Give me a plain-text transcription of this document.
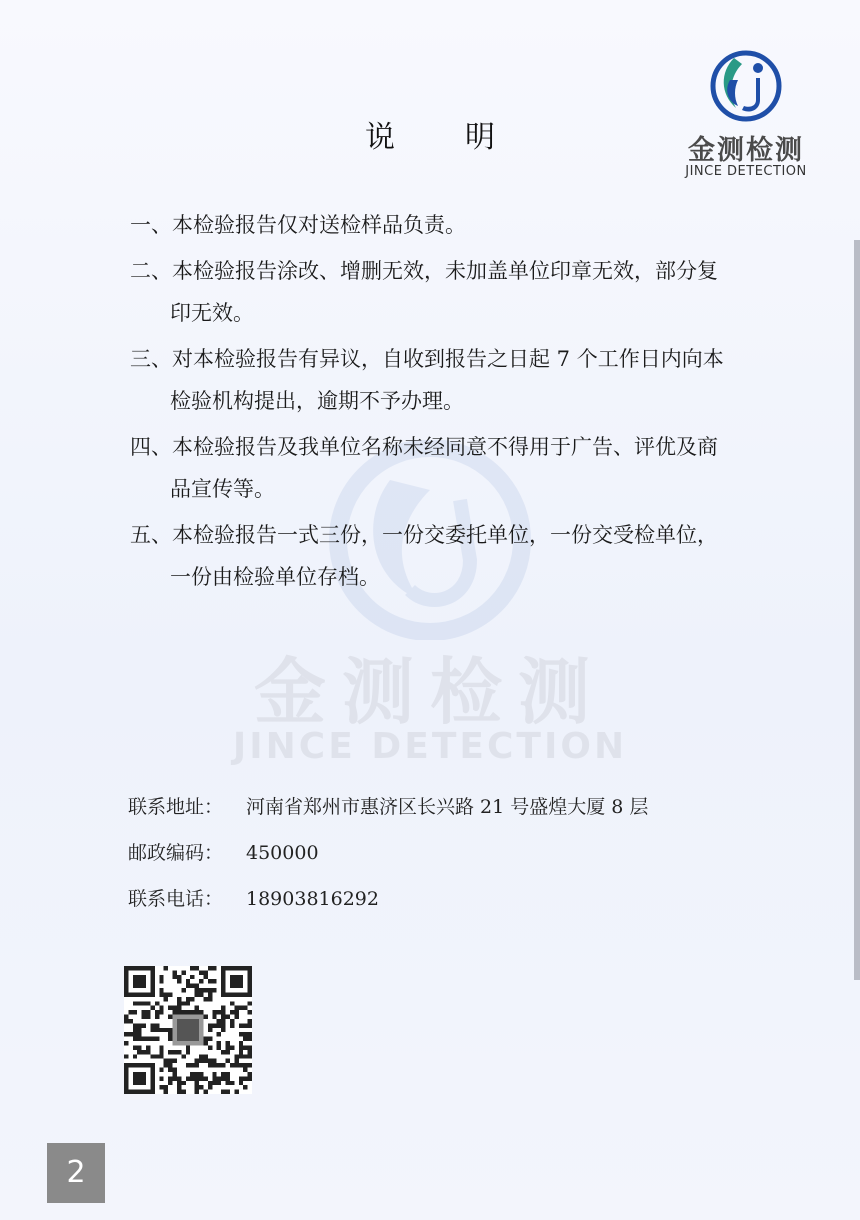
金测检测
JINCE DETECTION
金测检测
JINCE DETECTION
说明
一、本检验报告仅对送检样品负责。
二、本检验报告涂改、增删无效，未加盖单位印章无效，部分复印无效。
三、对本检验报告有异议，自收到报告之日起 7 个工作日内向本检验机构提出，逾期不予办理。
四、本检验报告及我单位名称未经同意不得用于广告、评优及商品宣传等。
五、本检验报告一式三份，一份交委托单位，一份交受检单位，一份由检验单位存档。
联系地址： 河南省郑州市惠济区长兴路 21 号盛煌大厦 8 层
邮政编码： 450000
联系电话： 18903816292
2
